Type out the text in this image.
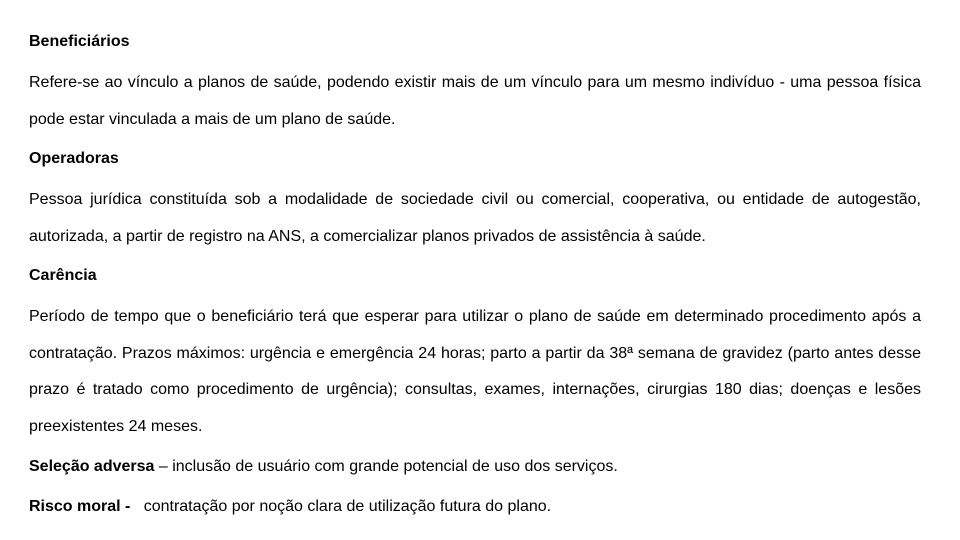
Beneficiários

Refere-se ao vínculo a planos de saúde, podendo existir mais de um vínculo para um mesmo indivíduo - uma pessoa física pode estar vinculada a mais de um plano de saúde.

Operadoras

Pessoa jurídica constituída sob a modalidade de sociedade civil ou comercial, cooperativa, ou entidade de autogestão, autorizada, a partir de registro na ANS, a comercializar planos privados de assistência à saúde.

Carência

Período de tempo que o beneficiário terá que esperar para utilizar o plano de saúde em determinado procedimento após a contratação. Prazos máximos: urgência e emergência 24 horas; parto a partir da 38ª semana de gravidez (parto antes desse prazo é tratado como procedimento de urgência); consultas, exames, internações, cirurgias 180 dias; doenças e lesões preexistentes 24 meses.

Seleção adversa – inclusão de usuário com grande potencial de uso dos serviços.

Risco moral - contratação por noção clara de utilização futura do plano.
